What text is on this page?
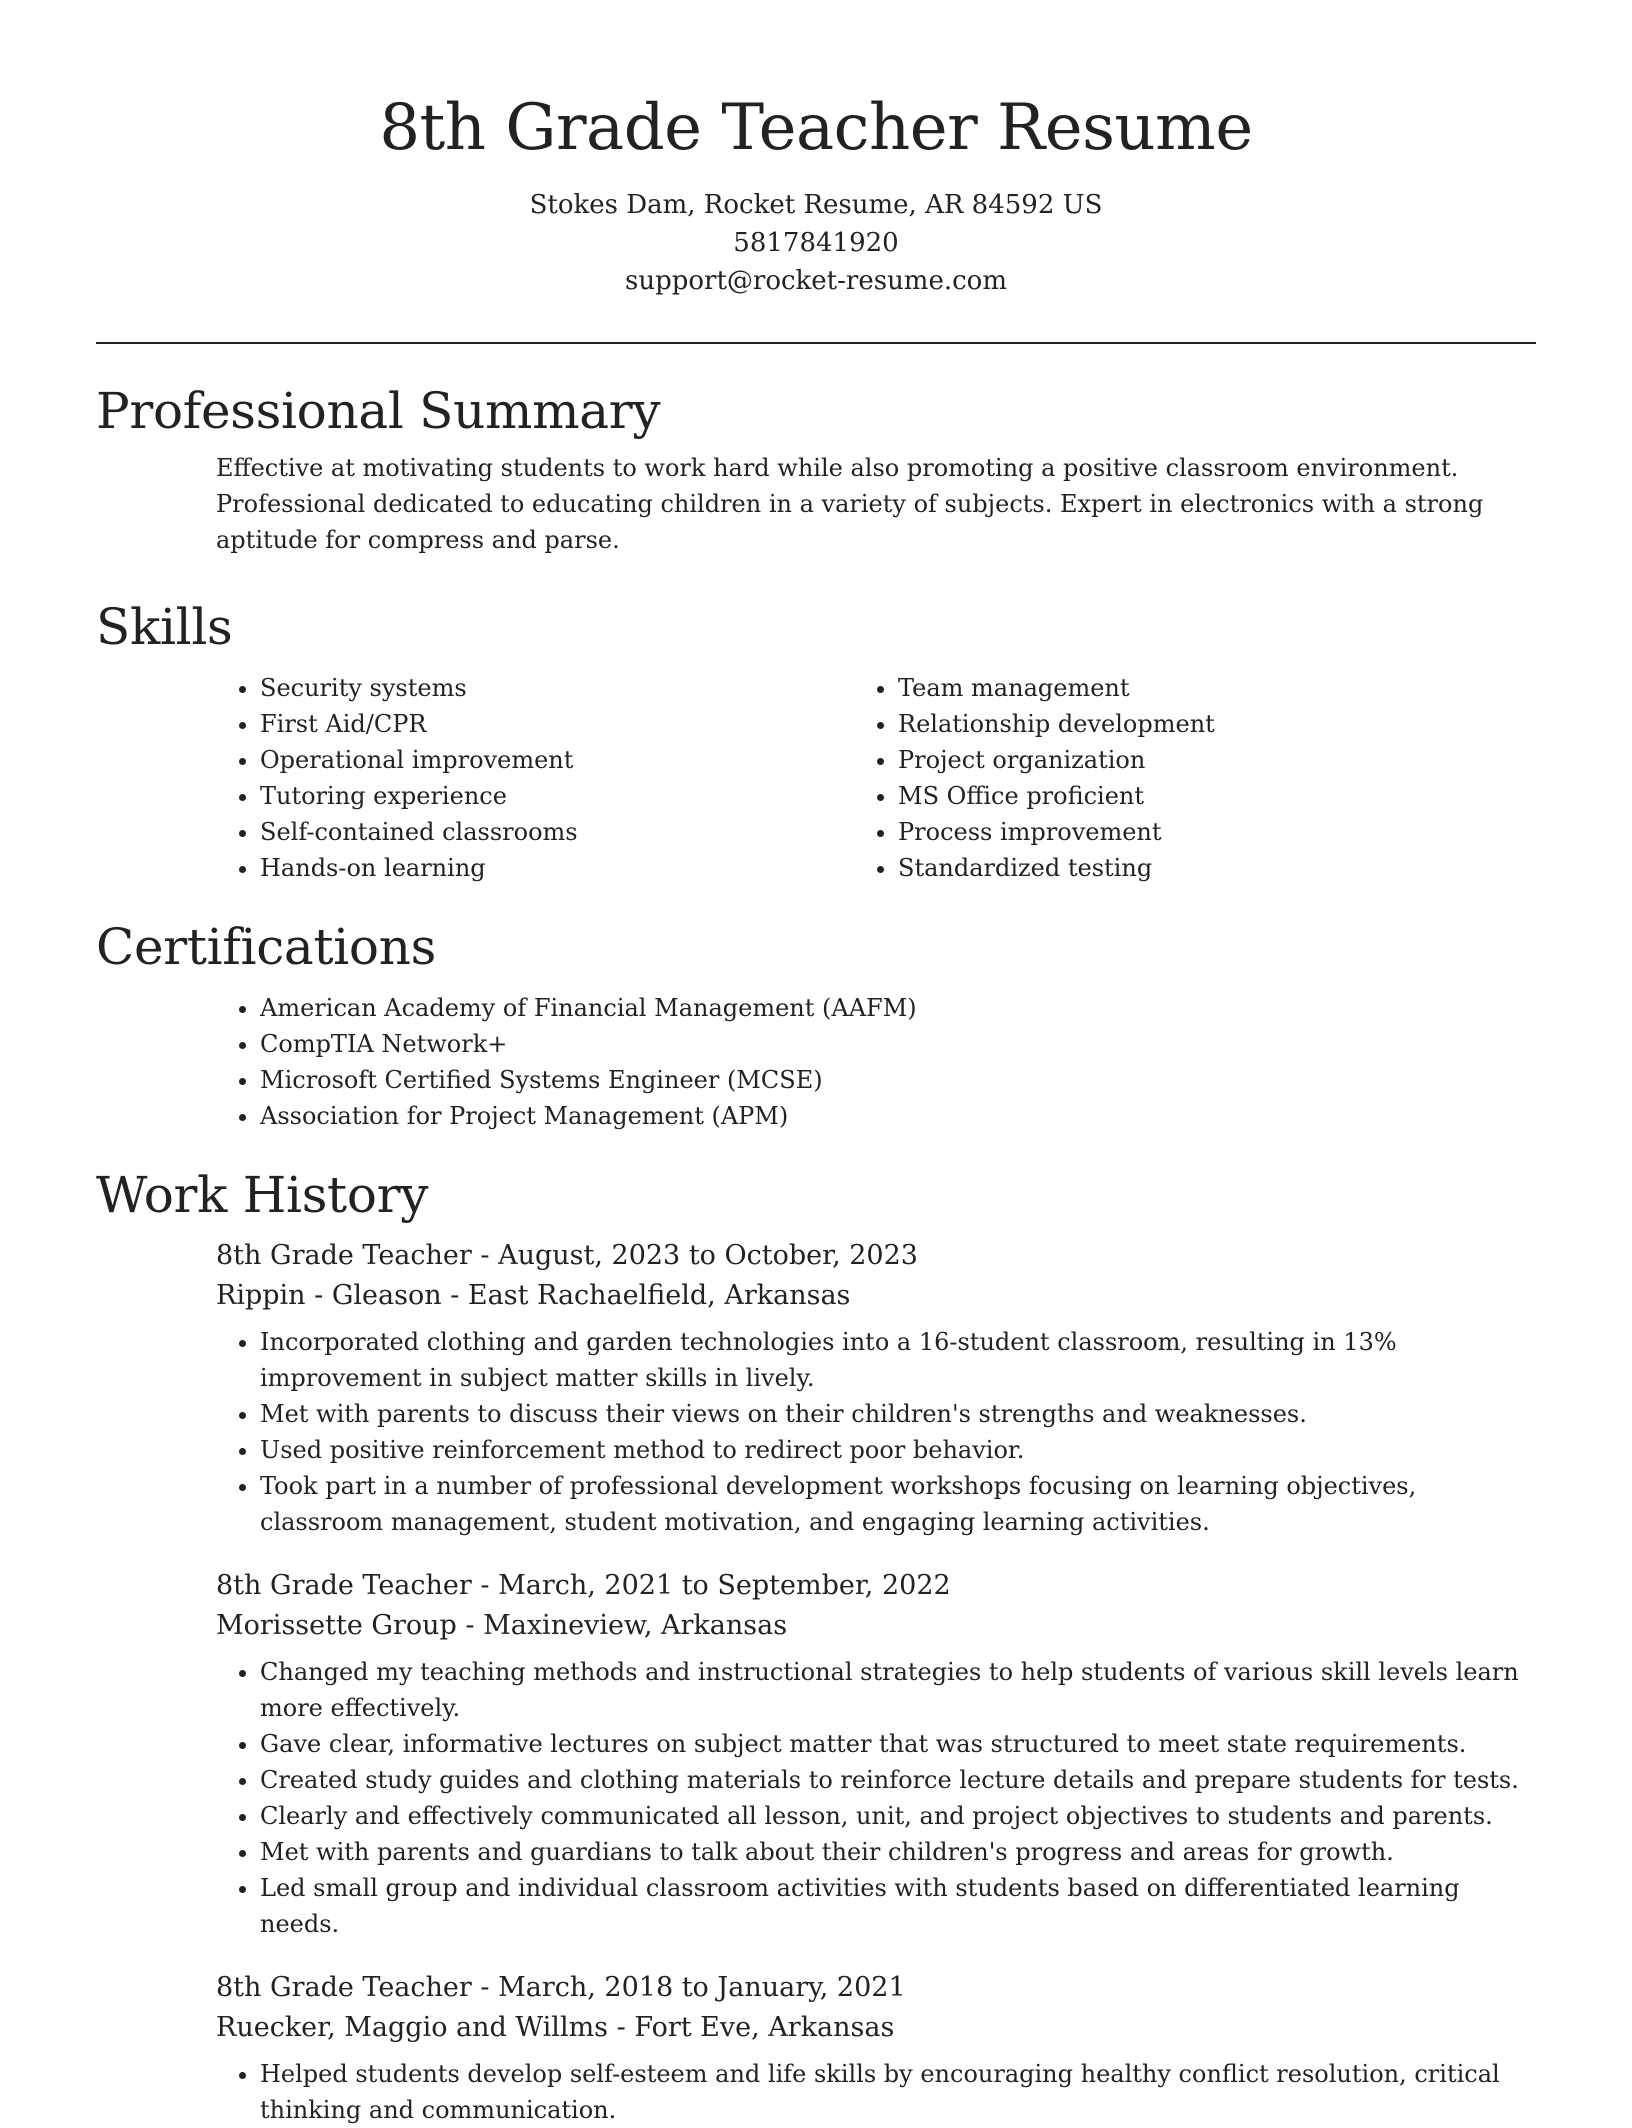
8th Grade Teacher Resume
Stokes Dam, Rocket Resume, AR 84592 US
5817841920
support@rocket-resume.com
Professional Summary
Effective at motivating students to work hard while also promoting a positive classroom environment. Professional dedicated to educating children in a variety of subjects. Expert in electronics with a strong aptitude for compress and parse.
Skills
• Security systems
• First Aid/CPR
• Operational improvement
• Tutoring experience
• Self-contained classrooms
• Hands-on learning
• Team management
• Relationship development
• Project organization
• MS Office proficient
• Process improvement
• Standardized testing
Certifications
• American Academy of Financial Management (AAFM)
• CompTIA Network+
• Microsoft Certified Systems Engineer (MCSE)
• Association for Project Management (APM)
Work History
8th Grade Teacher - August, 2023 to October, 2023
Rippin - Gleason - East Rachaelfield, Arkansas
• Incorporated clothing and garden technologies into a 16-student classroom, resulting in 13% improvement in subject matter skills in lively.
• Met with parents to discuss their views on their children's strengths and weaknesses.
• Used positive reinforcement method to redirect poor behavior.
• Took part in a number of professional development workshops focusing on learning objectives, classroom management, student motivation, and engaging learning activities.
8th Grade Teacher - March, 2021 to September, 2022
Morissette Group - Maxineview, Arkansas
• Changed my teaching methods and instructional strategies to help students of various skill levels learn more effectively.
• Gave clear, informative lectures on subject matter that was structured to meet state requirements.
• Created study guides and clothing materials to reinforce lecture details and prepare students for tests.
• Clearly and effectively communicated all lesson, unit, and project objectives to students and parents.
• Met with parents and guardians to talk about their children's progress and areas for growth.
• Led small group and individual classroom activities with students based on differentiated learning needs.
8th Grade Teacher - March, 2018 to January, 2021
Ruecker, Maggio and Willms - Fort Eve, Arkansas
• Helped students develop self-esteem and life skills by encouraging healthy conflict resolution, critical thinking and communication.
